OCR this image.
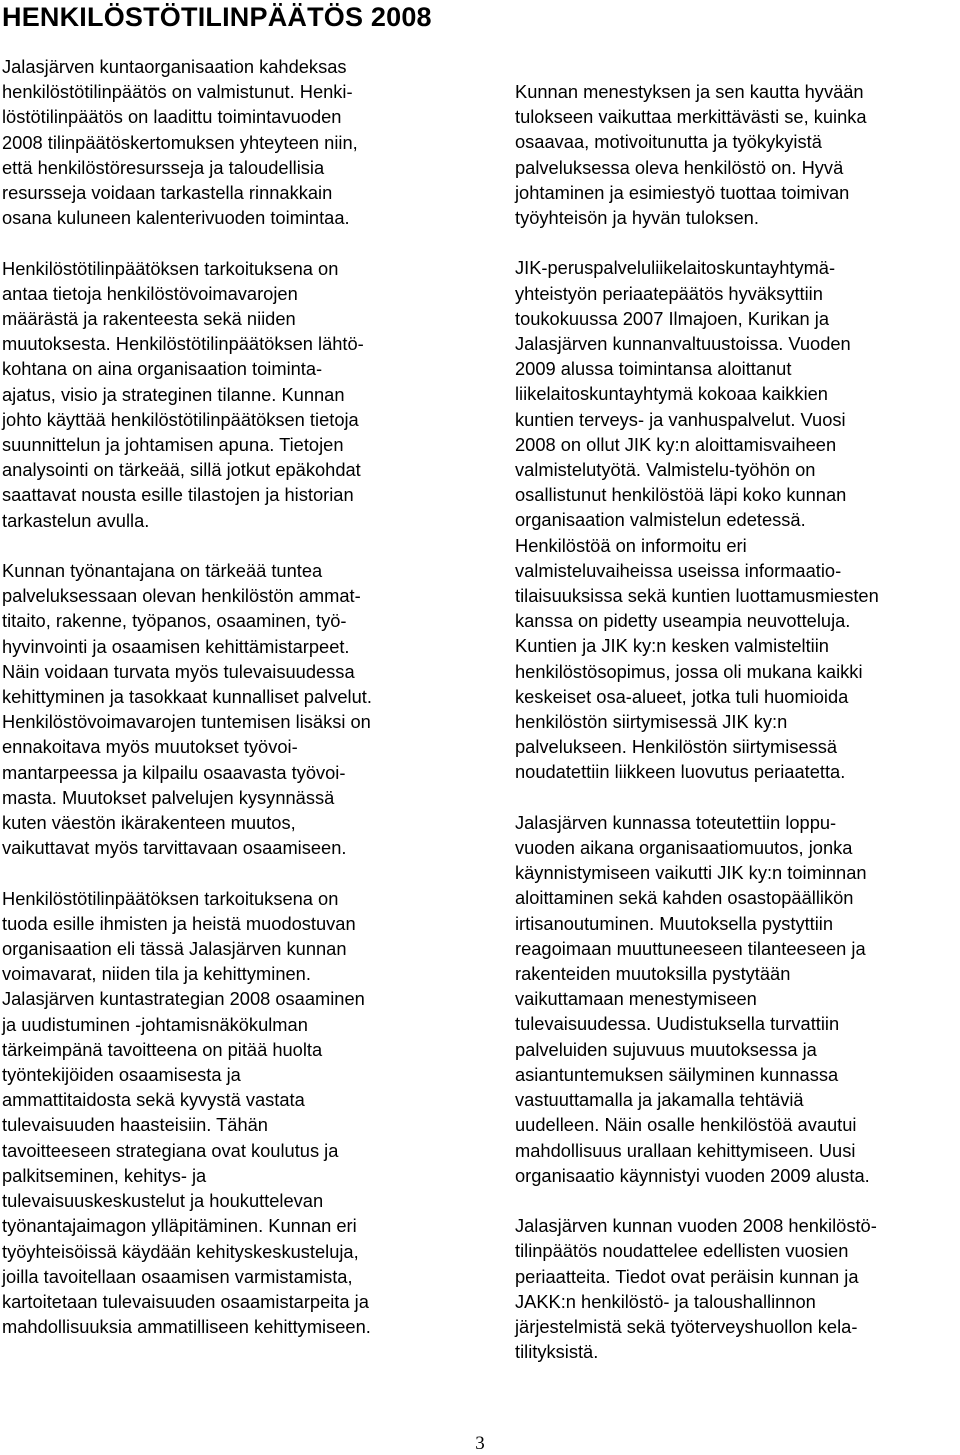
HENKILÖSTÖTILINPÄÄTÖS 2008

Jalasjärven kuntaorganisaation kahdeksas
henkilöstötilinpäätös on valmistunut. Henki-
löstötilinpäätös on laadittu toimintavuoden
2008 tilinpäätöskertomuksen yhteyteen niin,
että henkilöstöresursseja ja taloudellisia
resursseja voidaan tarkastella rinnakkain
osana kuluneen kalenterivuoden toimintaa.

Henkilöstötilinpäätöksen tarkoituksena on
antaa tietoja henkilöstövoimavarojen
määrästä ja rakenteesta sekä niiden
muutoksesta. Henkilöstötilinpäätöksen lähtö-
kohtana on aina organisaation toiminta-
ajatus, visio ja strateginen tilanne. Kunnan
johto käyttää henkilöstötilinpäätöksen tietoja
suunnittelun ja johtamisen apuna. Tietojen
analysointi on tärkeää, sillä jotkut epäkohdat
saattavat nousta esille tilastojen ja historian
tarkastelun avulla.

Kunnan työnantajana on tärkeää tuntea
palveluksessaan olevan henkilöstön ammat-
titaito, rakenne, työpanos, osaaminen, työ-
hyvinvointi ja osaamisen kehittämistarpeet.
Näin voidaan turvata myös tulevaisuudessa
kehittyminen ja tasokkaat kunnalliset palvelut.
Henkilöstövoimavarojen tuntemisen lisäksi on
ennakoitava myös muutokset työvoi-
mantarpeessa ja kilpailu osaavasta työvoi-
masta. Muutokset palvelujen kysynnässä
kuten väestön ikärakenteen muutos,
vaikuttavat myös tarvittavaan osaamiseen.

Henkilöstötilinpäätöksen tarkoituksena on
tuoda esille ihmisten ja heistä muodostuvan
organisaation eli tässä Jalasjärven kunnan
voimavarat, niiden tila ja kehittyminen.
Jalasjärven kuntastrategian 2008 osaaminen
ja uudistuminen -johtamisnäkökulman
tärkeimpänä tavoitteena on pitää huolta
työntekijöiden osaamisesta ja
ammattitaidosta sekä kyvystä vastata
tulevaisuuden haasteisiin. Tähän
tavoitteeseen strategiana ovat koulutus ja
palkitseminen, kehitys- ja
tulevaisuuskeskustelut ja houkuttelevan
työnantajaimagon ylläpitäminen. Kunnan eri
työyhteisöissä käydään kehityskeskusteluja,
joilla tavoitellaan osaamisen varmistamista,
kartoitetaan tulevaisuuden osaamistarpeita ja
mahdollisuuksia ammatilliseen kehittymiseen.

Kunnan menestyksen ja sen kautta hyvään
tulokseen vaikuttaa merkittävästi se, kuinka
osaavaa, motivoitunutta ja työkykyistä
palveluksessa oleva henkilöstö on. Hyvä
johtaminen ja esimiestyö tuottaa toimivan
työyhteisön ja hyvän tuloksen.

JIK-peruspalveluliikelaitoskuntayhtymä-
yhteistyön periaatepäätös hyväksyttiin
toukokuussa 2007 Ilmajoen, Kurikan ja
Jalasjärven kunnanvaltuustoissa. Vuoden
2009 alussa toimintansa aloittanut
liikelaitoskuntayhtymä kokoaa kaikkien
kuntien terveys- ja vanhuspalvelut. Vuosi
2008 on ollut JIK ky:n aloittamisvaiheen
valmistelutyötä. Valmistelu-työhön on
osallistunut henkilöstöä läpi koko kunnan
organisaation valmistelun edetessä.
Henkilöstöä on informoitu eri
valmisteluvaiheissa useissa informaatio-
tilaisuuksissa sekä kuntien luottamusmiesten
kanssa on pidetty useampia neuvotteluja.
Kuntien ja JIK ky:n kesken valmisteltiin
henkilöstösopimus, jossa oli mukana kaikki
keskeiset osa-alueet, jotka tuli huomioida
henkilöstön siirtymisessä JIK ky:n
palvelukseen. Henkilöstön siirtymisessä
noudatettiin liikkeen luovutus periaatetta.

Jalasjärven kunnassa toteutettiin loppu-
vuoden aikana organisaatiomuutos, jonka
käynnistymiseen vaikutti JIK ky:n toiminnan
aloittaminen sekä kahden osastopäällikön
irtisanoutuminen. Muutoksella pystyttiin
reagoimaan muuttuneeseen tilanteeseen ja
rakenteiden muutoksilla pystytään
vaikuttamaan menestymiseen
tulevaisuudessa. Uudistuksella turvattiin
palveluiden sujuvuus muutoksessa ja
asiantuntemuksen säilyminen kunnassa
vastuuttamalla ja jakamalla tehtäviä
uudelleen. Näin osalle henkilöstöä avautui
mahdollisuus urallaan kehittymiseen. Uusi
organisaatio käynnistyi vuoden 2009 alusta.

Jalasjärven kunnan vuoden 2008 henkilöstö-
tilinpäätös noudattelee edellisten vuosien
periaatteita. Tiedot ovat peräisin kunnan ja
JAKK:n henkilöstö- ja taloushallinnon
järjestelmistä sekä työterveyshuollon kela-
tilityksistä.

3
